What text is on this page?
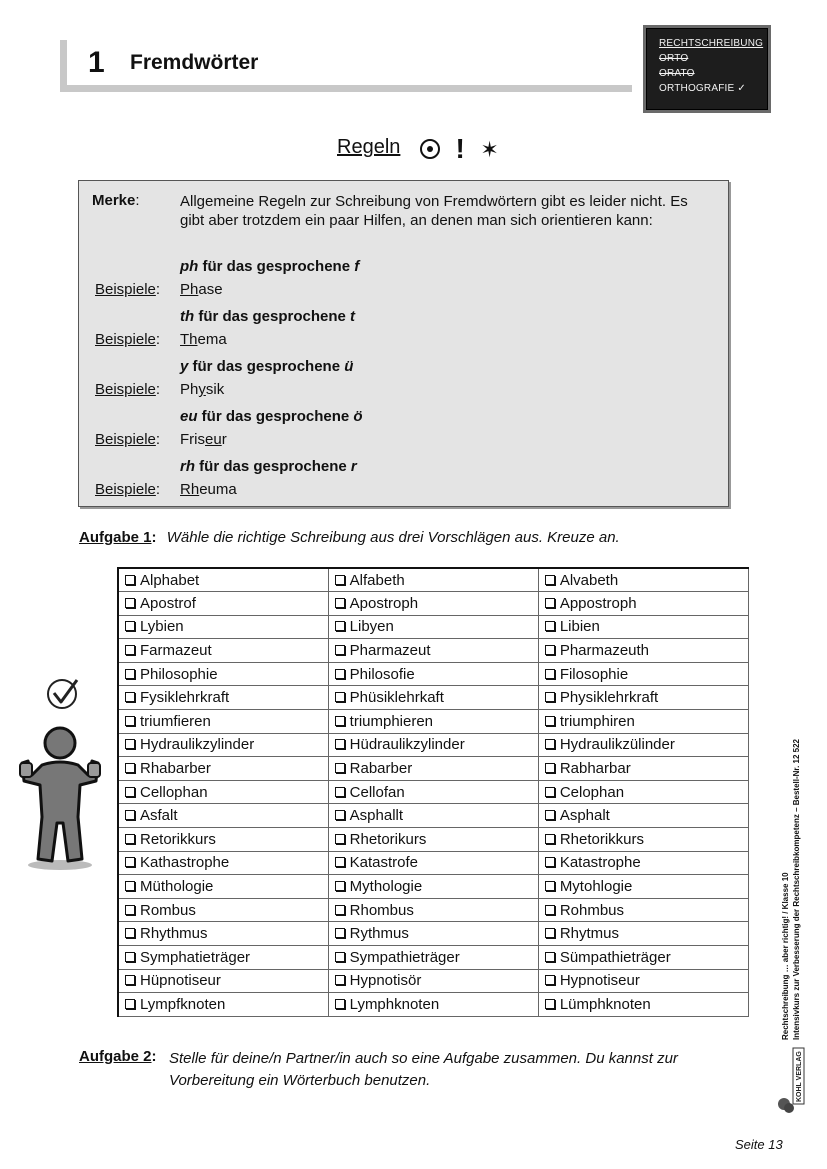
1 Fremdwörter
RECHTSCHREIBUNG
ORTO
ORATO
ORTHOGRAFIE ✓
Regeln ! ✶
Merke:	Allgemeine Regeln zur Schreibung von Fremdwörtern gibt es leider nicht. Es gibt aber trotzdem ein paar Hilfen, an denen man sich orientieren kann:
ph für das gesprochene f
Beispiele: Phase
th für das gesprochene t
Beispiele: Thema
y für das gesprochene ü
Beispiele: Physik
eu für das gesprochene ö
Beispiele: Friseur
rh für das gesprochene r
Beispiele: Rheuma
Aufgabe 1: Wähle die richtige Schreibung aus drei Vorschlägen aus. Kreuze an.
Alphabet	Alfabeth	Alvabeth
Apostrof	Apostroph	Appostroph
Lybien	Libyen	Libien
Farmazeut	Pharmazeut	Pharmazeuth
Philosophie	Philosofie	Filosophie
Fysiklehrkraft	Phüsiklehrkaft	Physiklehrkraft
triumfieren	triumphieren	triumphiren
Hydraulikzylinder	Hüdraulikzylinder	Hydraulikzülinder
Rhabarber	Rabarber	Rabharbar
Cellophan	Cellofan	Celophan
Asfalt	Asphallt	Asphalt
Retorikkurs	Rhetorikurs	Rhetorikkurs
Kathastrophe	Katastrofe	Katastrophe
Müthologie	Mythologie	Mytohlogie
Rombus	Rhombus	Rohmbus
Rhythmus	Rythmus	Rhytmus
Symphatieträger	Sympathieträger	Sümpathieträger
Hüpnotiseur	Hypnotisör	Hypnotiseur
Lympfknoten	Lymphknoten	Lümphknoten
Aufgabe 2: Stelle für deine/n Partner/in auch so eine Aufgabe zusammen. Du kannst zur
Vorbereitung ein Wörterbuch benutzen.
Rechtschreibung … aber richtig! / Klasse 10 Intensivkurs zur Verbesserung der Rechtschreibkompetenz – Bestell-Nr. 12 522
KOHL VERLAG
Seite 13
